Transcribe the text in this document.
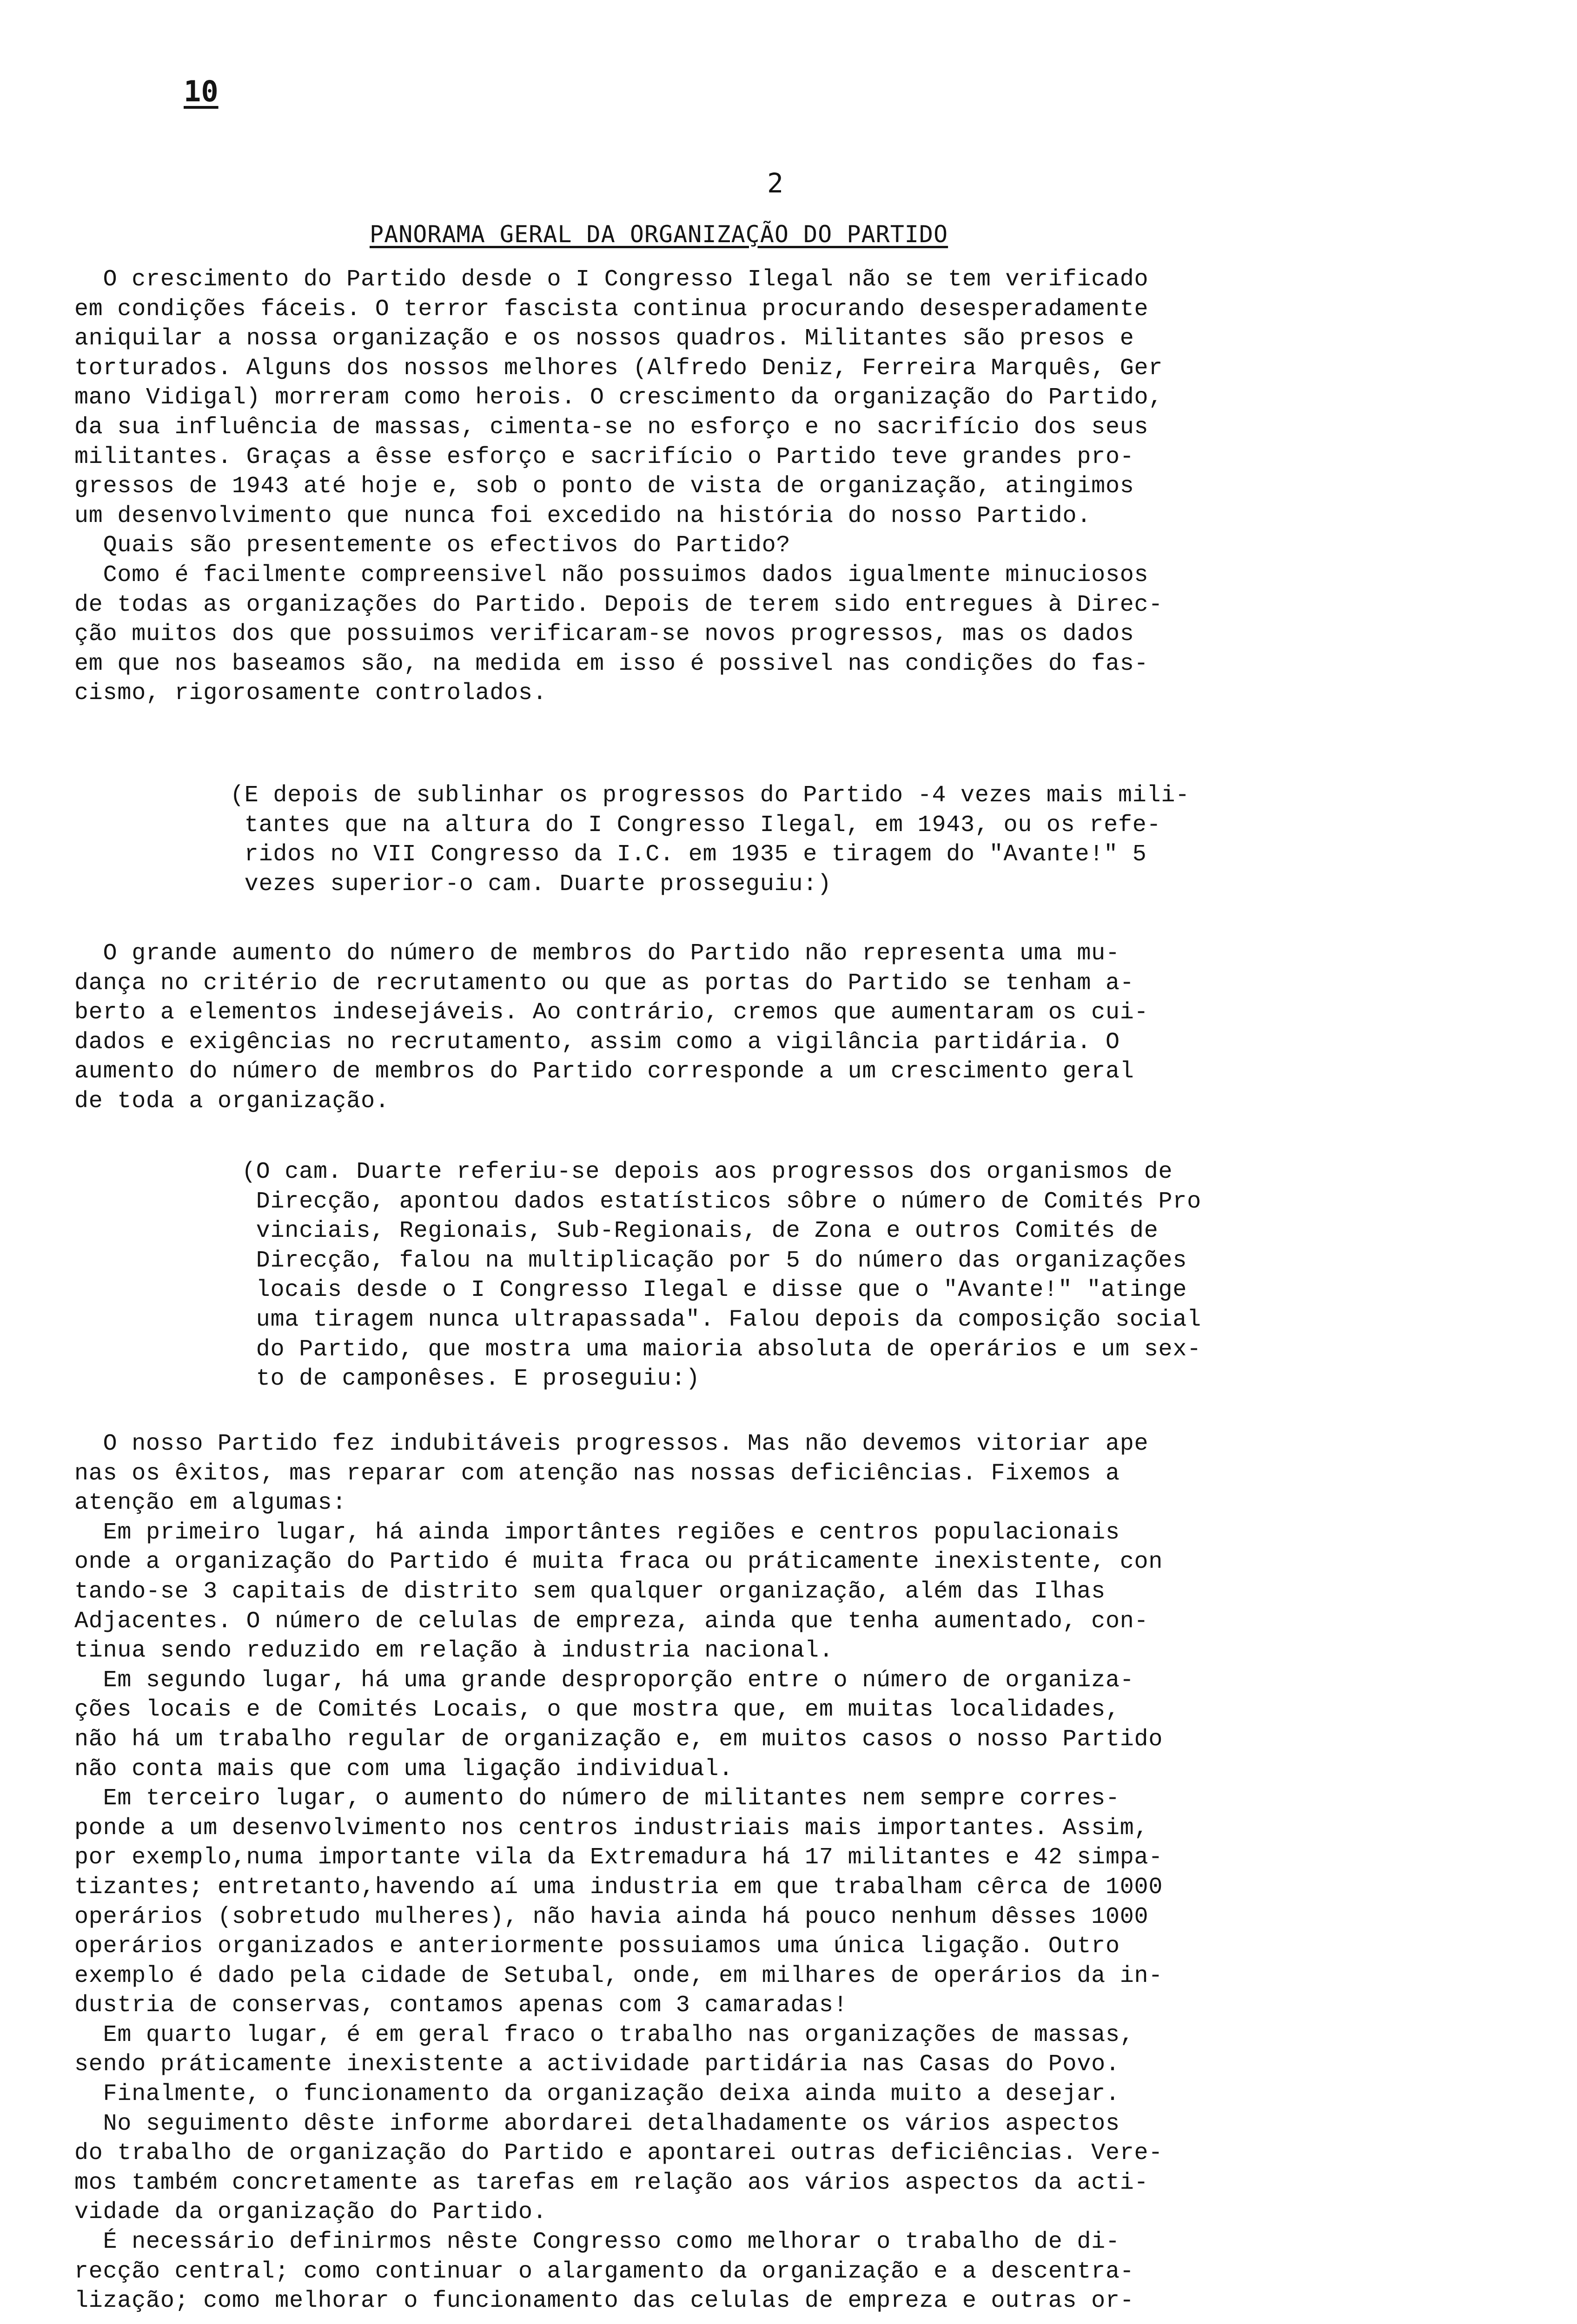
10
2
PANORAMA GERAL DA ORGANIZAÇÃO DO PARTIDO
O crescimento do Partido desde o I Congresso Ilegal não se tem verificado
em condições fáceis. O terror fascista continua procurando desesperadamente
aniquilar a nossa organização e os nossos quadros. Militantes são presos e
torturados. Alguns dos nossos melhores (Alfredo Deniz, Ferreira Marquês, Ger
mano Vidigal) morreram como herois. O crescimento da organização do Partido,
da sua influência de massas, cimenta-se no esforço e no sacrifício dos seus
militantes. Graças a êsse esforço e sacrifício o Partido teve grandes pro-
gressos de 1943 até hoje e, sob o ponto de vista de organização, atingimos
um desenvolvimento que nunca foi excedido na história do nosso Partido.
Quais são presentemente os efectivos do Partido?
Como é facilmente compreensivel não possuimos dados igualmente minuciosos
de todas as organizações do Partido. Depois de terem sido entregues à Direc-
ção muitos dos que possuimos verificaram-se novos progressos, mas os dados
em que nos baseamos são, na medida em isso é possivel nas condições do fas-
cismo, rigorosamente controlados.
(E depois de sublinhar os progressos do Partido -4 vezes mais mili-
tantes que na altura do I Congresso Ilegal, em 1943, ou os refe-
ridos no VII Congresso da I.C. em 1935 e tiragem do "Avante!" 5
vezes superior-o cam. Duarte prosseguiu:)
O grande aumento do número de membros do Partido não representa uma mu-
dança no critério de recrutamento ou que as portas do Partido se tenham a-
berto a elementos indesejáveis. Ao contrário, cremos que aumentaram os cui-
dados e exigências no recrutamento, assim como a vigilância partidária. O
aumento do número de membros do Partido corresponde a um crescimento geral
de toda a organização.
(O cam. Duarte referiu-se depois aos progressos dos organismos de
Direcção, apontou dados estatísticos sôbre o número de Comités Pro
vinciais, Regionais, Sub-Regionais, de Zona e outros Comités de
Direcção, falou na multiplicação por 5 do número das organizações
locais desde o I Congresso Ilegal e disse que o "Avante!" "atinge
uma tiragem nunca ultrapassada". Falou depois da composição social
do Partido, que mostra uma maioria absoluta de operários e um sex-
to de camponêses. E proseguiu:)
O nosso Partido fez indubitáveis progressos. Mas não devemos vitoriar ape
nas os êxitos, mas reparar com atenção nas nossas deficiências. Fixemos a
atenção em algumas:
Em primeiro lugar, há ainda importântes regiões e centros populacionais
onde a organização do Partido é muita fraca ou práticamente inexistente, con
tando-se 3 capitais de distrito sem qualquer organização, além das Ilhas
Adjacentes. O número de celulas de empreza, ainda que tenha aumentado, con-
tinua sendo reduzido em relação à industria nacional.
Em segundo lugar, há uma grande desproporção entre o número de organiza-
ções locais e de Comités Locais, o que mostra que, em muitas localidades,
não há um trabalho regular de organização e, em muitos casos o nosso Partido
não conta mais que com uma ligação individual.
Em terceiro lugar, o aumento do número de militantes nem sempre corres-
ponde a um desenvolvimento nos centros industriais mais importantes. Assim,
por exemplo,numa importante vila da Extremadura há 17 militantes e 42 simpa-
tizantes; entretanto,havendo aí uma industria em que trabalham cêrca de 1000
operários (sobretudo mulheres), não havia ainda há pouco nenhum dêsses 1000
operários organizados e anteriormente possuiamos uma única ligação. Outro
exemplo é dado pela cidade de Setubal, onde, em milhares de operários da in-
dustria de conservas, contamos apenas com 3 camaradas!
Em quarto lugar, é em geral fraco o trabalho nas organizações de massas,
sendo práticamente inexistente a actividade partidária nas Casas do Povo.
Finalmente, o funcionamento da organização deixa ainda muito a desejar.
No seguimento dêste informe abordarei detalhadamente os vários aspectos
do trabalho de organização do Partido e apontarei outras deficiências. Vere-
mos também concretamente as tarefas em relação aos vários aspectos da acti-
vidade da organização do Partido.
É necessário definirmos nêste Congresso como melhorar o trabalho de di-
recção central; como continuar o alargamento da organização e a descentra-
lização; como melhorar o funcionamento das celulas de empreza e outras or-
